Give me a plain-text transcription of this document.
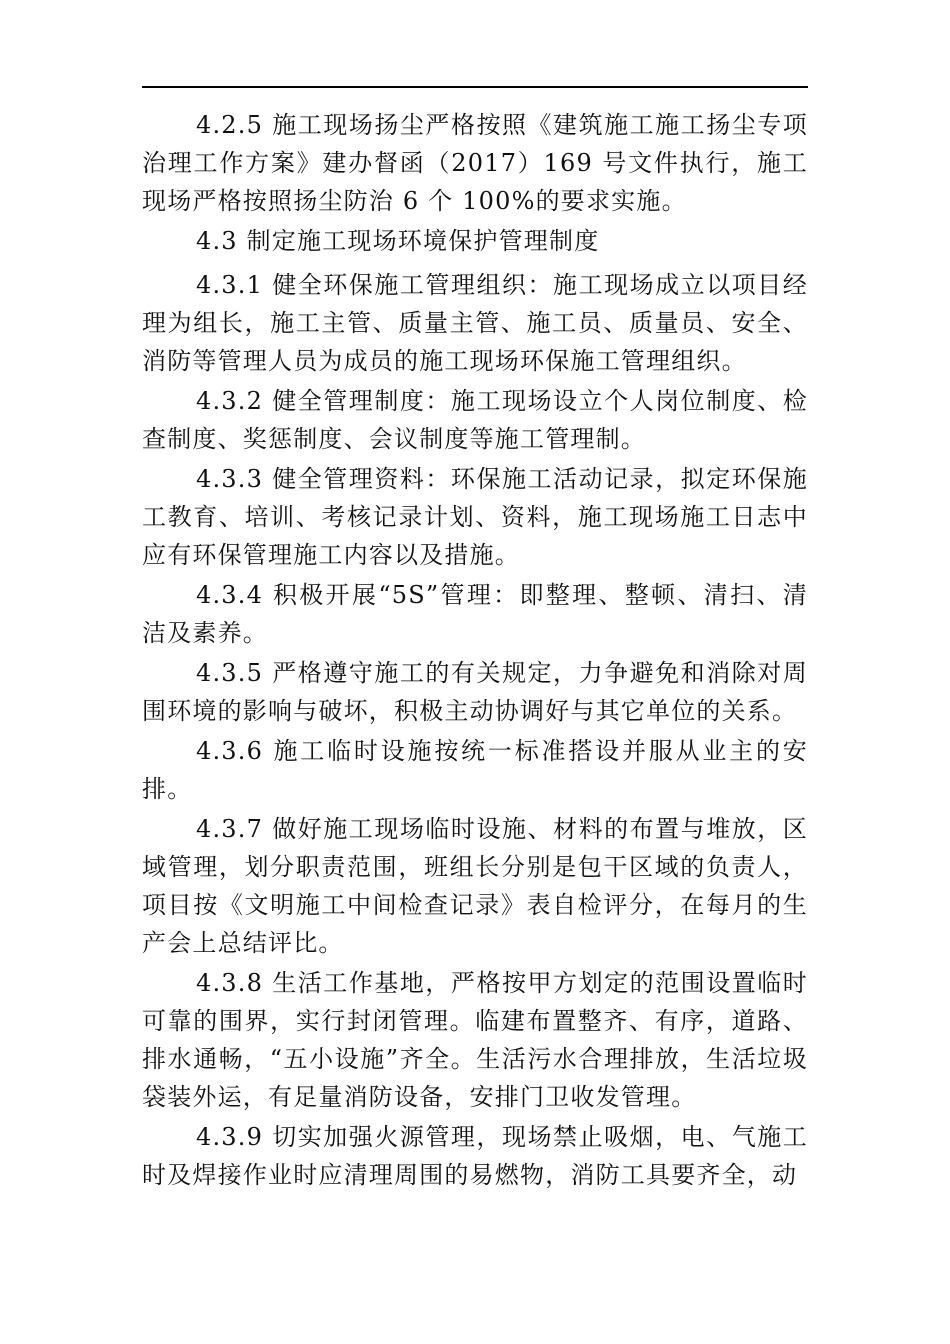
4.2.5 施工现场扬尘严格按照《建筑施工施工扬尘专项治理工作方案》建办督函（2017）169 号文件执行，施工现场严格按照扬尘防治 6 个 100%的要求实施。

4.3 制定施工现场环境保护管理制度

4.3.1 健全环保施工管理组织：施工现场成立以项目经理为组长，施工主管、质量主管、施工员、质量员、安全、消防等管理人员为成员的施工现场环保施工管理组织。

4.3.2 健全管理制度：施工现场设立个人岗位制度、检查制度、奖惩制度、会议制度等施工管理制。

4.3.3 健全管理资料：环保施工活动记录，拟定环保施工教育、培训、考核记录计划、资料，施工现场施工日志中应有环保管理施工内容以及措施。

4.3.4 积极开展“5S”管理：即整理、整顿、清扫、清洁及素养。

4.3.5 严格遵守施工的有关规定，力争避免和消除对周围环境的影响与破坏，积极主动协调好与其它单位的关系。

4.3.6 施工临时设施按统一标准搭设并服从业主的安排。

4.3.7 做好施工现场临时设施、材料的布置与堆放，区域管理，划分职责范围，班组长分别是包干区域的负责人，项目按《文明施工中间检查记录》表自检评分，在每月的生产会上总结评比。

4.3.8 生活工作基地，严格按甲方划定的范围设置临时可靠的围界，实行封闭管理。临建布置整齐、有序，道路、排水通畅，“五小设施”齐全。生活污水合理排放，生活垃圾袋装外运，有足量消防设备，安排门卫收发管理。

4.3.9 切实加强火源管理，现场禁止吸烟，电、气施工时及焊接作业时应清理周围的易燃物，消防工具要齐全，动
